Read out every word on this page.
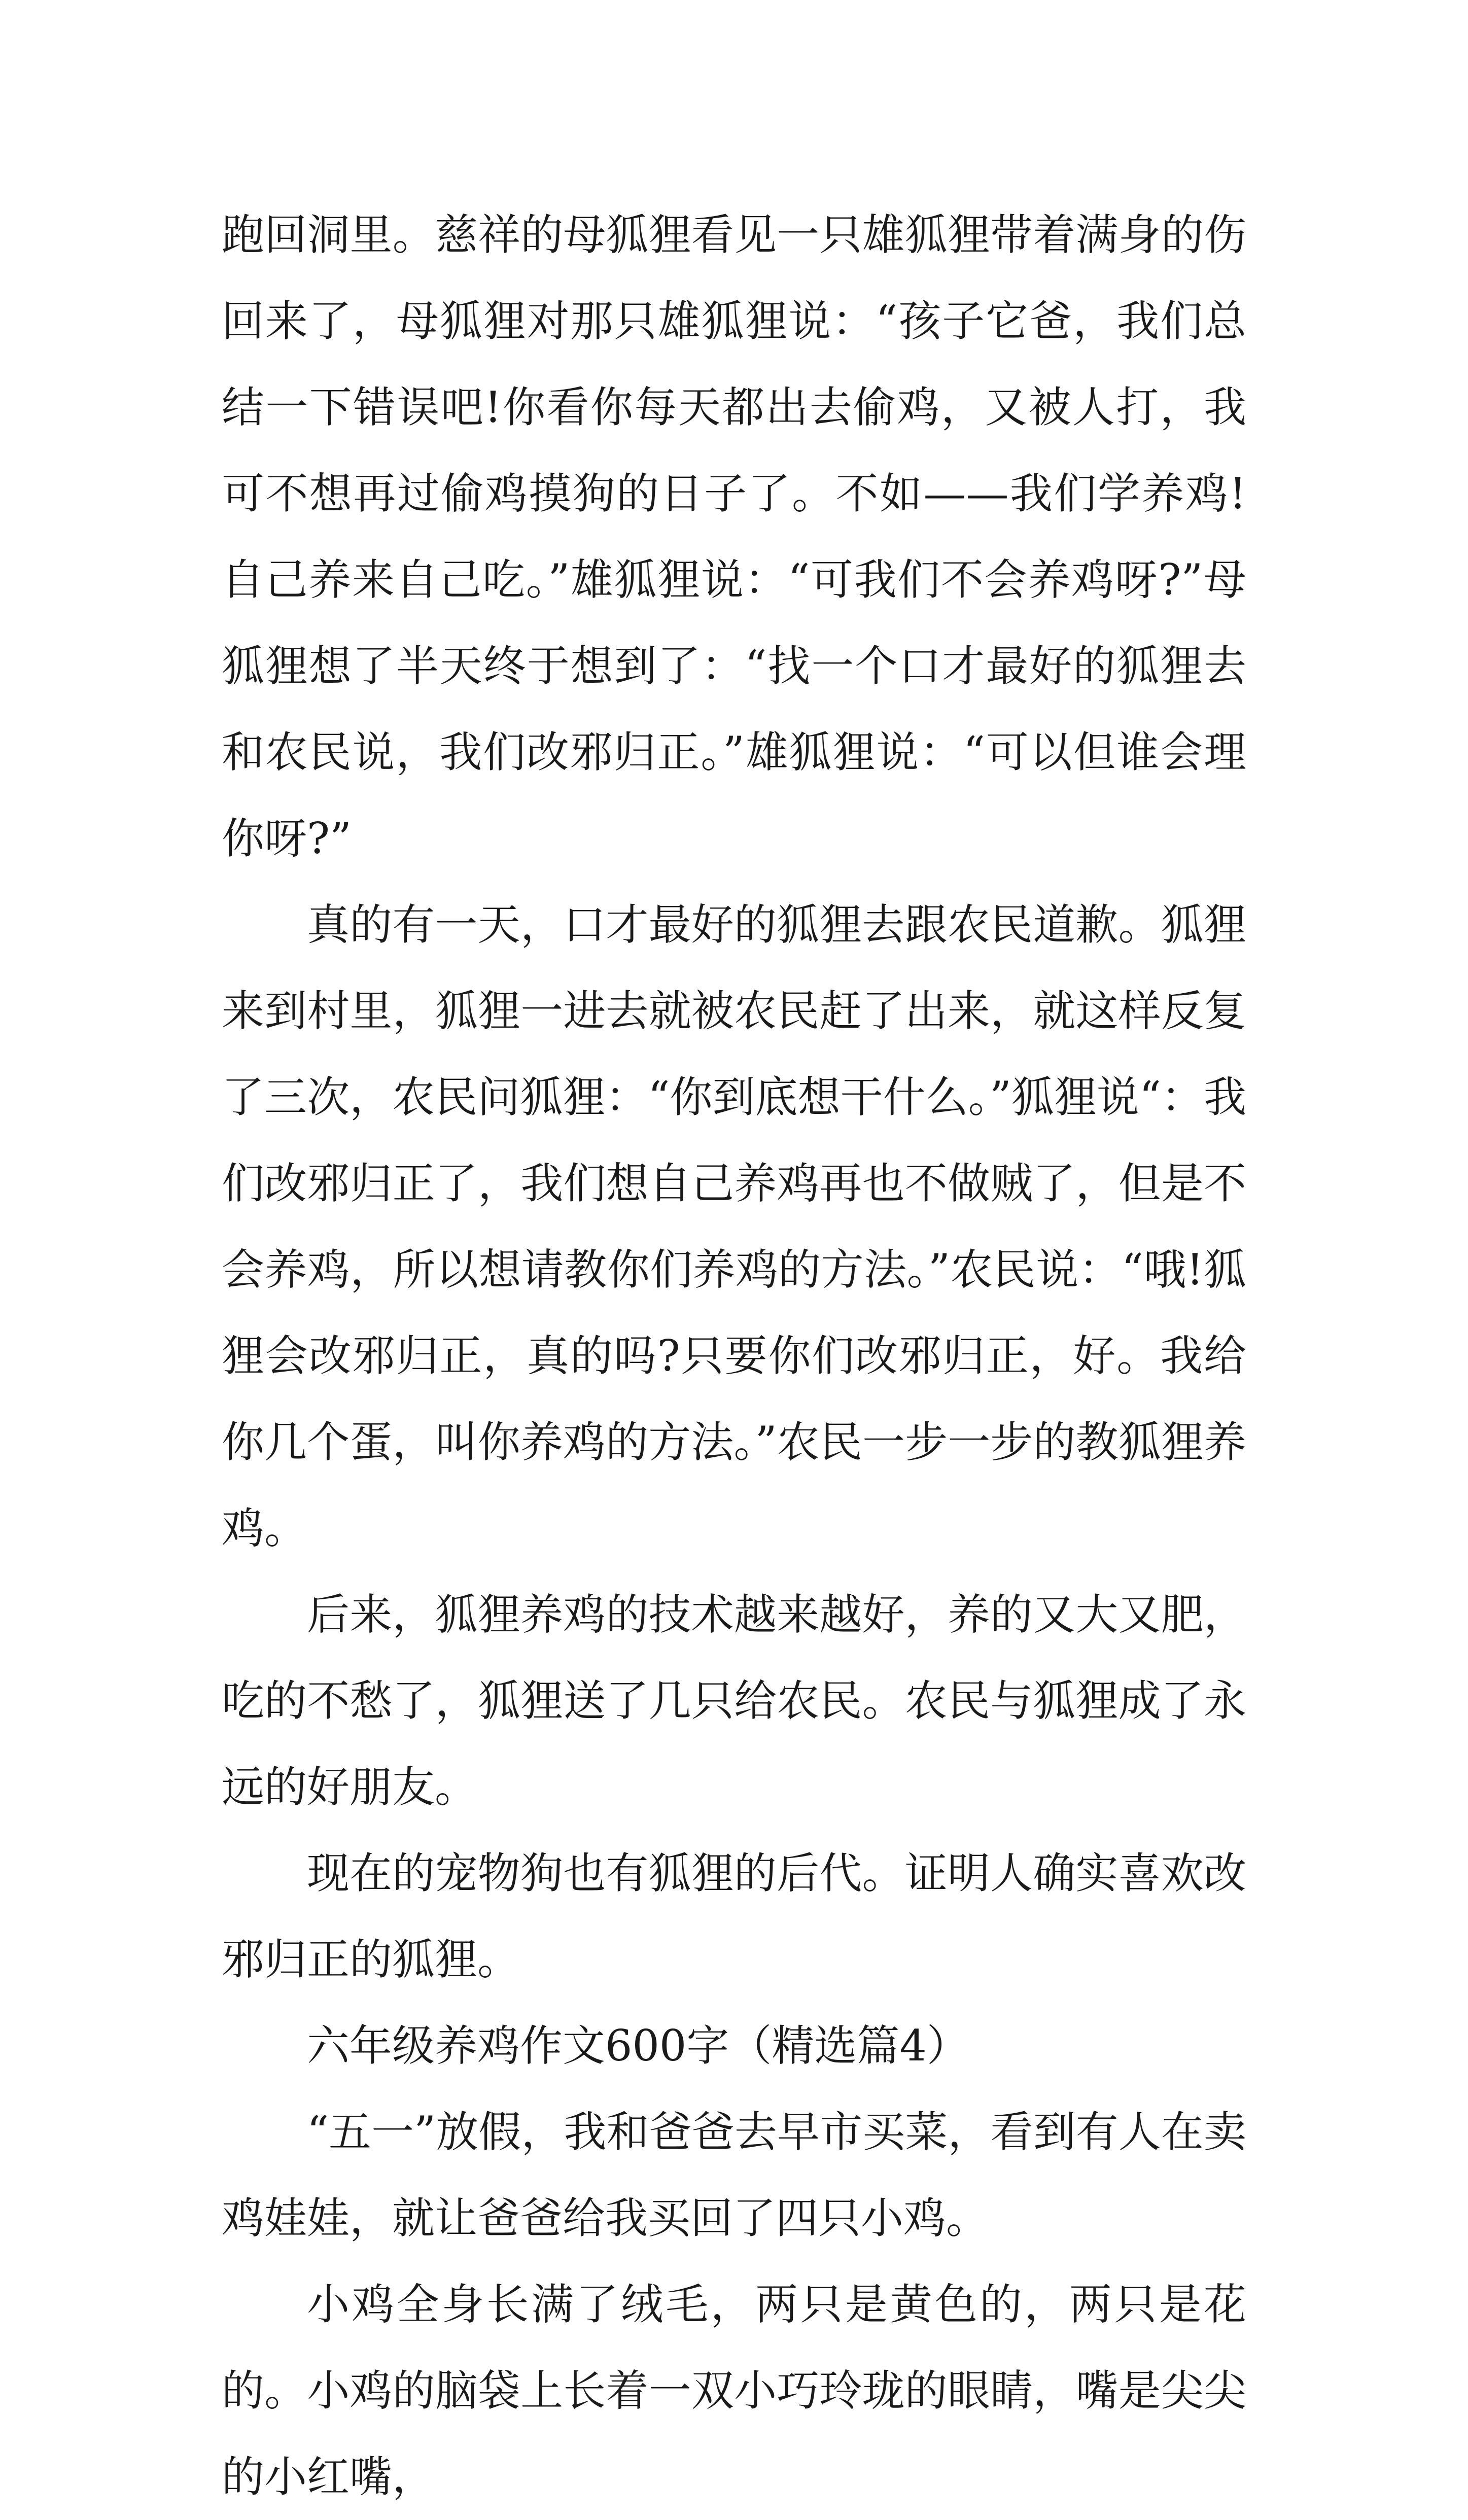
跑回洞里。慈祥的母狐狸看见一只雄狐狸带着满身的伤回来了，母狐狸对那只雄狐狸说：“孩子它爸，我们总结一下错误吧!你看你每天都出去偷鸡，又被人打，我可不想再过偷鸡摸狗的日子了。不如——我们学养鸡!自己养来自己吃。”雄狐狸说：“可我们不会养鸡呀?”母狐狸想了半天终于想到了：“找一个口才最好的狐狸去和农民说，我们改邪归正。”雄狐狸说：“可以但谁会理你呀?”

真的有一天，口才最好的狐狸去跟农民道歉。狐狸来到村里，狐狸一进去就被农民赶了出来，就这样反复了三次，农民问狐狸：“你到底想干什么。”狐狸说“：我们改邪归正了，我们想自己养鸡再也不做贼了，但是不会养鸡，所以想请教你们养鸡的方法。”农民说：“哦!狐狸会改邪归正，真的吗?只要你们改邪归正，好。我给你几个蛋，叫你养鸡的方法。”农民一步一步的教狐狸养鸡。

后来，狐狸养鸡的技术越来越好，养的又大又肥，吃的不愁了，狐狸送了几只给农民。农民与狐狸成了永远的好朋友。

现在的宠物狗也有狐狸的后代。证明人确实喜欢改邪归正的狐狸。

六年级养鸡作文600字（精选篇4）

“五一”放假，我和爸爸去早市买菜，看到有人在卖鸡娃娃，就让爸爸给我买回了四只小鸡。

小鸡全身长满了绒毛，两只是黄色的，两只是花的。小鸡的脑袋上长着一双小巧玲珑的眼睛，嘴是尖尖的小红嘴，
